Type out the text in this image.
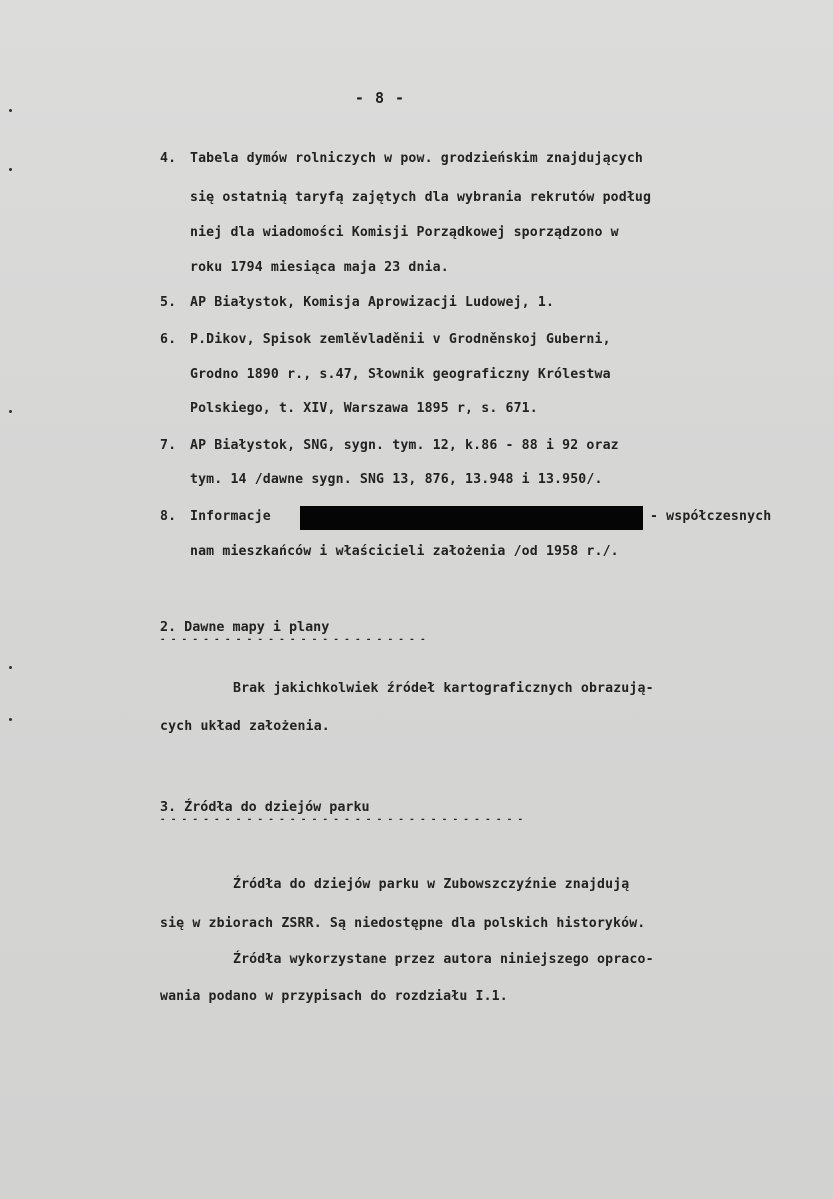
- 8 -
4. Tabela dymów rolniczych w pow. grodzieńskim znajdujących
się ostatnią taryfą zajętych dla wybrania rekrutów podług
niej dla wiadomości Komisji Porządkowej sporządzono w
roku 1794 miesiąca maja 23 dnia.
5. AP Białystok, Komisja Aprowizacji Ludowej, 1.
6. P.Dikov, Spisok zemlěvladěnii v Grodněnskoj Guberni,
Grodno 1890 r., s.47, Słownik geograficzny Królestwa
Polskiego, t. XIV, Warszawa 1895 r, s. 671.
7. AP Białystok, SNG, sygn. tym. 12, k.86 - 88 i 92 oraz
tym. 14 /dawne sygn. SNG 13, 876, 13.948 i 13.950/.
8. Informacje	- współczesnych
nam mieszkańców i właścicieli założenia /od 1958 r./.
2. Dawne mapy i plany
- - - - - - - - - - - - - - - - - - - - - - - - -
Brak jakichkolwiek źródeł kartograficznych obrazują-
cych układ założenia.
3. Źródła do dziejów parku
- - - - - - - - - - - - - - - - - - - - - - - - - - - - - - - - - -
Źródła do dziejów parku w Zubowszczyźnie znajdują
się w zbiorach ZSRR. Są niedostępne dla polskich historyków.
Źródła wykorzystane przez autora niniejszego opraco-
wania podano w przypisach do rozdziału I.1.
